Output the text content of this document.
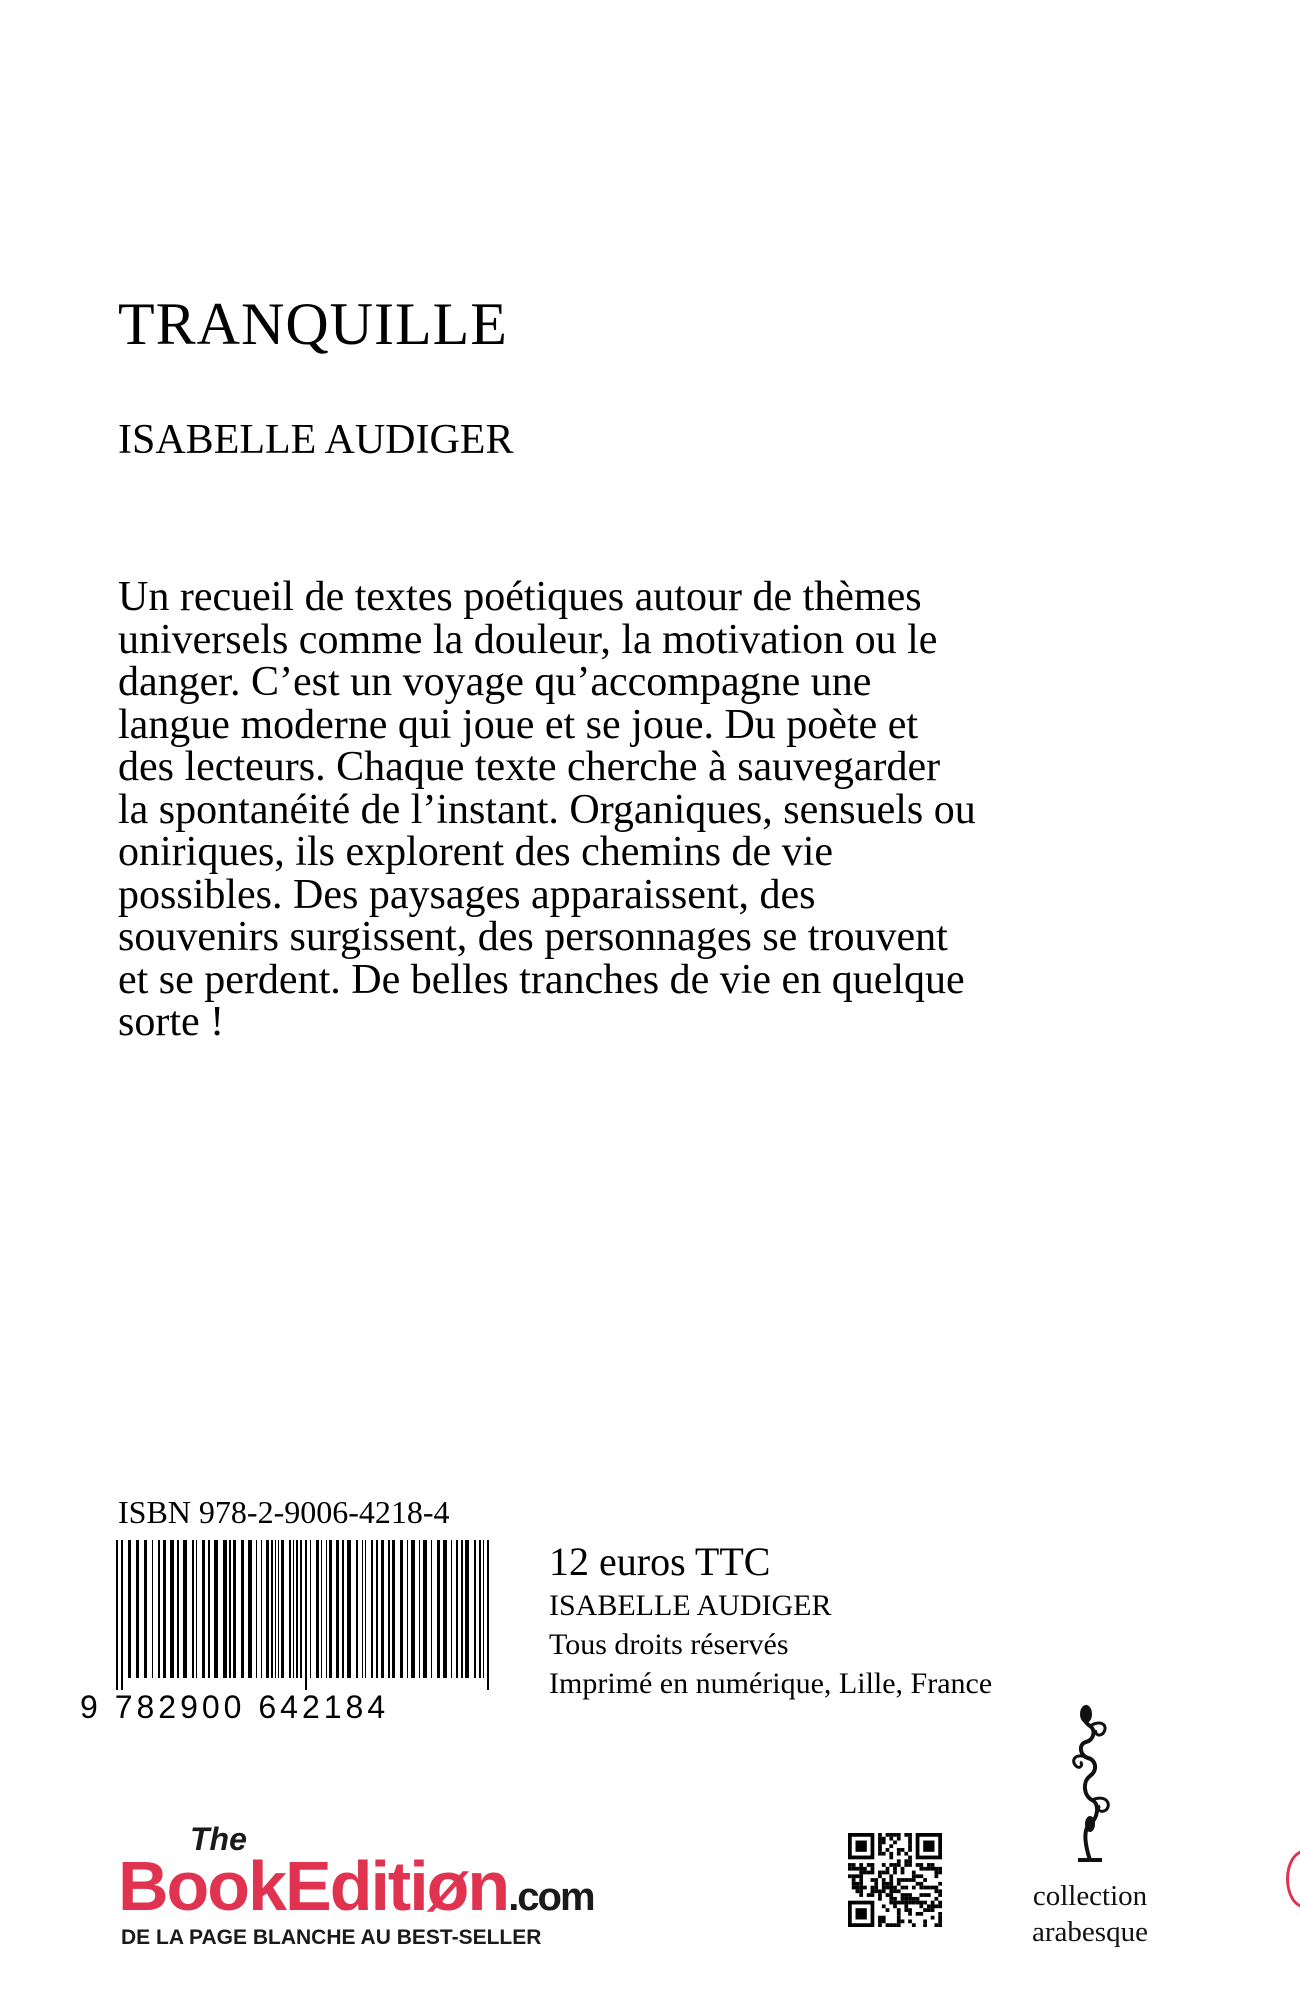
TRANQUILLE
ISABELLE AUDIGER

Un recueil de textes poétiques autour de thèmes universels comme la douleur, la motivation ou le danger. C’est un voyage qu’accompagne une langue moderne qui joue et se joue. Du poète et des lecteurs. Chaque texte cherche à sauvegarder la spontanéité de l’instant. Organiques, sensuels ou oniriques, ils explorent des chemins de vie possibles. Des paysages apparaissent, des souvenirs surgissent, des personnages se trouvent et se perdent. De belles tranches de vie en quelque sorte !

ISBN 978-2-9006-4218-4
9 782900 642184
12 euros TTC
ISABELLE AUDIGER
Tous droits réservés
Imprimé en numérique, Lille, France
The
BookEditiøn.com
DE LA PAGE BLANCHE AU BEST-SELLER
collection
arabesque
